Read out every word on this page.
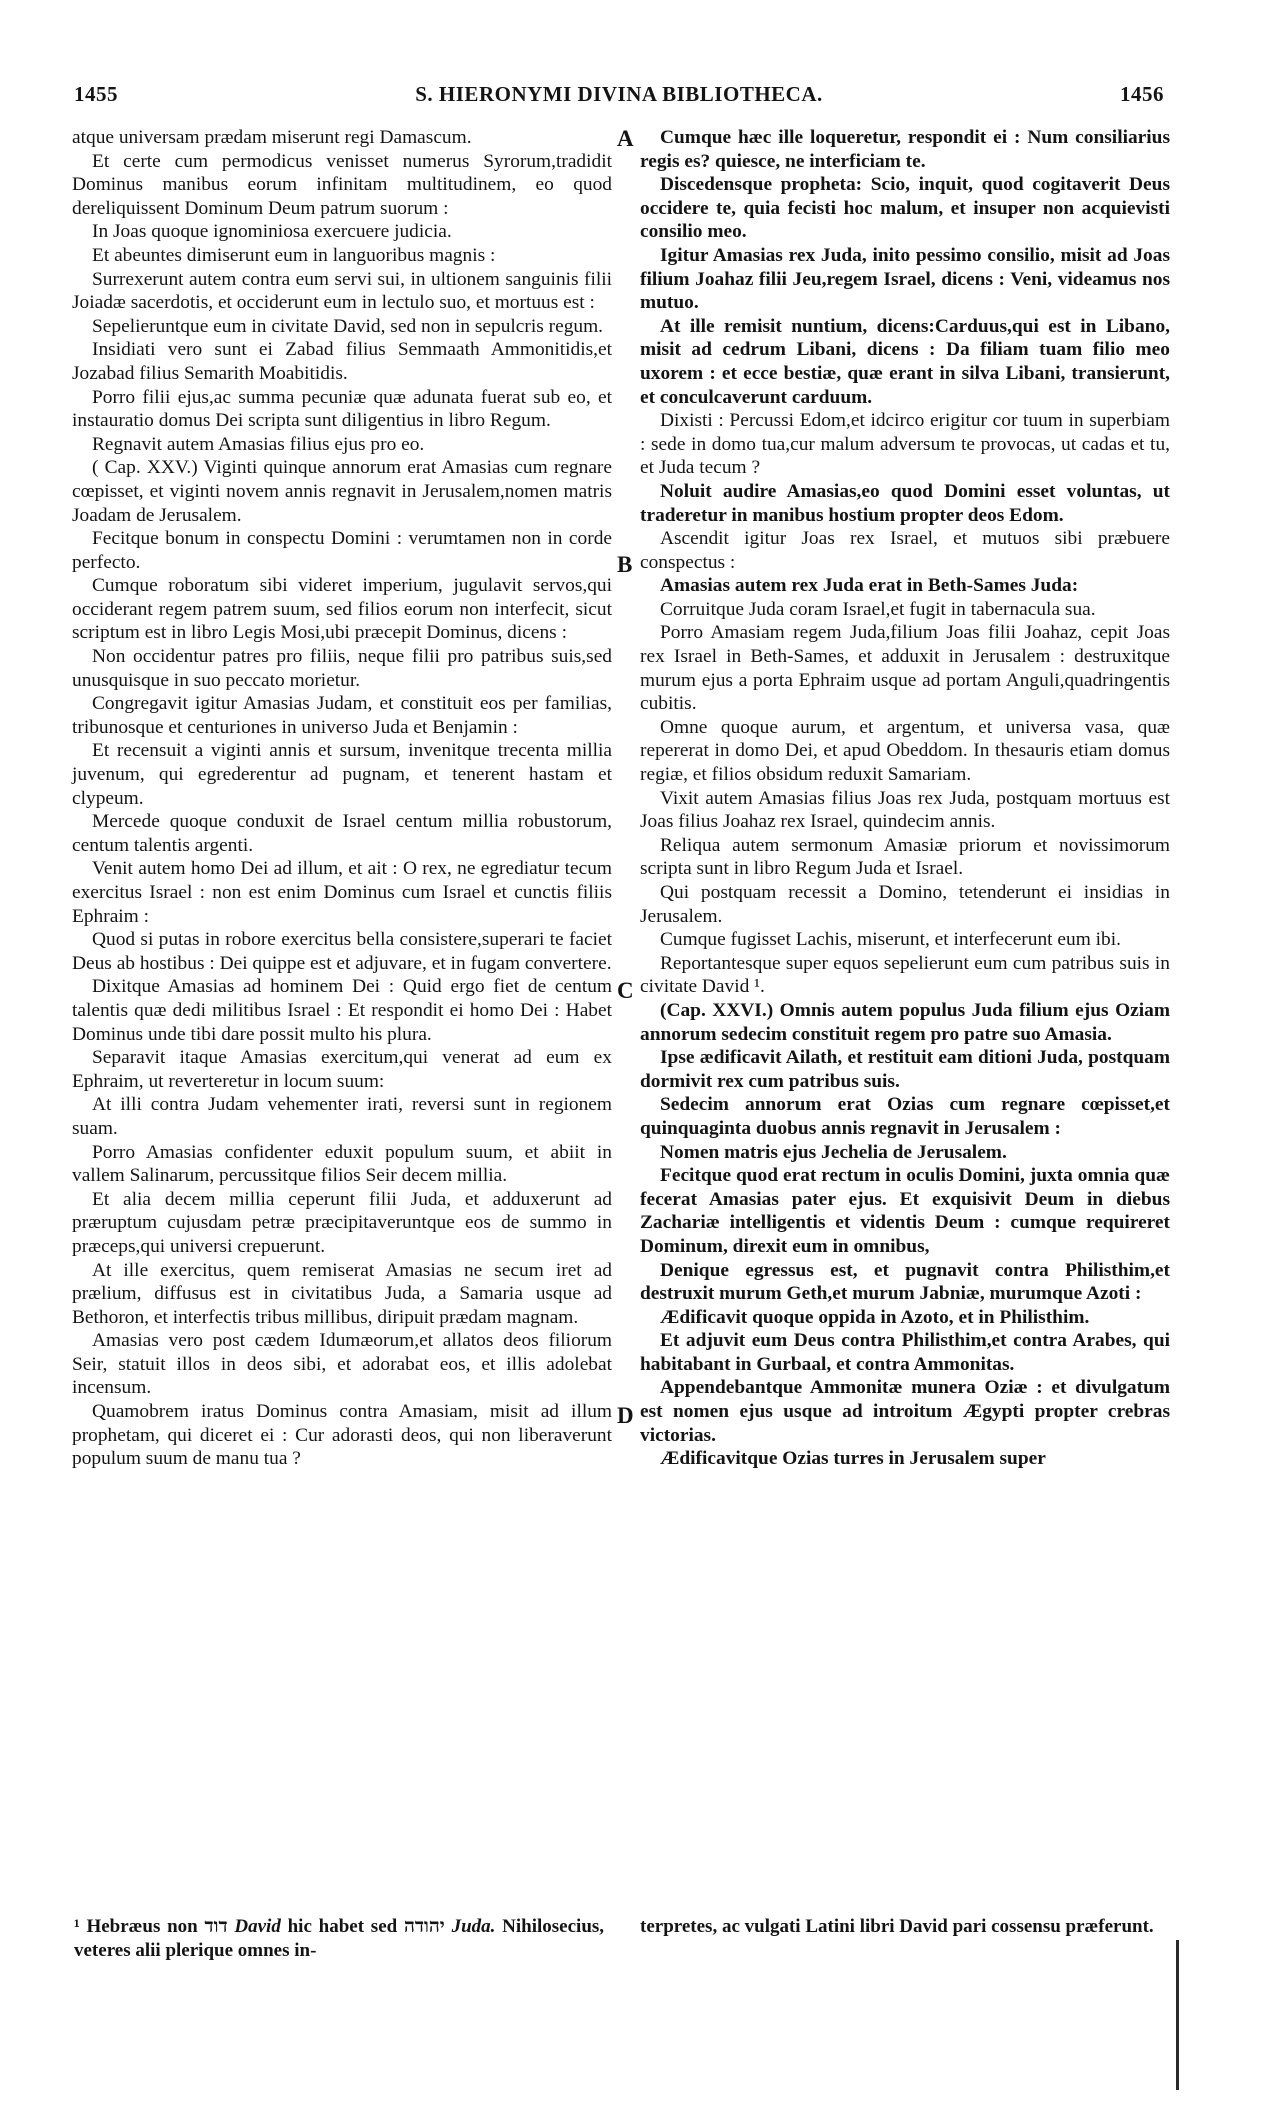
1455	S. HIERONYMI DIVINA BIBLIOTHECA.	1456
A
B
C
D

atque universam prædam miserunt regi Damascum.

Et certe cum permodicus venisset numerus Syrorum,tradidit Dominus manibus eorum infinitam multitudinem, eo quod dereliquissent Dominum Deum patrum suorum :

In Joas quoque ignominiosa exercuere judicia.

Et abeuntes dimiserunt eum in languoribus magnis :

Surrexerunt autem contra eum servi sui, in ultionem sanguinis filii Joiadæ sacerdotis, et occiderunt eum in lectulo suo, et mortuus est :

Sepelieruntque eum in civitate David, sed non in sepulcris regum.

Insidiati vero sunt ei Zabad filius Semmaath Ammonitidis,et Jozabad filius Semarith Moabitidis.

Porro filii ejus,ac summa pecuniæ quæ adunata fuerat sub eo, et instauratio domus Dei scripta sunt diligentius in libro Regum.

Regnavit autem Amasias filius ejus pro eo.

( Cap. XXV.) Viginti quinque annorum erat Amasias cum regnare cœpisset, et viginti novem annis regnavit in Jerusalem,nomen matris Joadam de Jerusalem.

Fecitque bonum in conspectu Domini : verumtamen non in corde perfecto.

Cumque roboratum sibi videret imperium, jugulavit servos,qui occiderant regem patrem suum, sed filios eorum non interfecit, sicut scriptum est in libro Legis Mosi,ubi præcepit Dominus, dicens :

Non occidentur patres pro filiis, neque filii pro patribus suis,sed unusquisque in suo peccato morietur.

Congregavit igitur Amasias Judam, et constituit eos per familias, tribunosque et centuriones in universo Juda et Benjamin :

Et recensuit a viginti annis et sursum, invenitque trecenta millia juvenum, qui egrederentur ad pugnam, et tenerent hastam et clypeum.

Mercede quoque conduxit de Israel centum millia robustorum, centum talentis argenti.

Venit autem homo Dei ad illum, et ait : O rex, ne egrediatur tecum exercitus Israel : non est enim Dominus cum Israel et cunctis filiis Ephraim :

Quod si putas in robore exercitus bella consistere,superari te faciet Deus ab hostibus : Dei quippe est et adjuvare, et in fugam convertere.

Dixitque Amasias ad hominem Dei : Quid ergo fiet de centum talentis quæ dedi militibus Israel : Et respondit ei homo Dei : Habet Dominus unde tibi dare possit multo his plura.

Separavit itaque Amasias exercitum,qui venerat ad eum ex Ephraim, ut reverteretur in locum suum:

At illi contra Judam vehementer irati, reversi sunt in regionem suam.

Porro Amasias confidenter eduxit populum suum, et abiit in vallem Salinarum, percussitque filios Seir decem millia.

Et alia decem millia ceperunt filii Juda, et adduxerunt ad præruptum cujusdam petræ præcipitaveruntque eos de summo in præceps,qui universi crepuerunt.

At ille exercitus, quem remiserat Amasias ne secum iret ad prælium, diffusus est in civitatibus Juda, a Samaria usque ad Bethoron, et interfectis tribus millibus, diripuit prædam magnam.

Amasias vero post cædem Idumæorum,et allatos deos filiorum Seir, statuit illos in deos sibi, et adorabat eos, et illis adolebat incensum.

Quamobrem iratus Dominus contra Amasiam, misit ad illum prophetam, qui diceret ei : Cur adorasti deos, qui non liberaverunt populum suum de manu tua ?

Cumque hæc ille loqueretur, respondit ei : Num consiliarius regis es? quiesce, ne interficiam te.

Discedensque propheta: Scio, inquit, quod cogitaverit Deus occidere te, quia fecisti hoc malum, et insuper non acquievisti consilio meo.

Igitur Amasias rex Juda, inito pessimo consilio, misit ad Joas filium Joahaz filii Jeu,regem Israel, dicens : Veni, videamus nos mutuo.

At ille remisit nuntium, dicens:Carduus,qui est in Libano, misit ad cedrum Libani, dicens : Da filiam tuam filio meo uxorem : et ecce bestiæ, quæ erant in silva Libani, transierunt, et conculcaverunt carduum.

Dixisti : Percussi Edom,et idcirco erigitur cor tuum in superbiam : sede in domo tua,cur malum adversum te provocas, ut cadas et tu, et Juda tecum ?

Noluit audire Amasias,eo quod Domini esset voluntas, ut traderetur in manibus hostium propter deos Edom.

Ascendit igitur Joas rex Israel, et mutuos sibi præbuere conspectus :

Amasias autem rex Juda erat in Beth-Sames Juda:

Corruitque Juda coram Israel,et fugit in tabernacula sua.

Porro Amasiam regem Juda,filium Joas filii Joahaz, cepit Joas rex Israel in Beth-Sames, et adduxit in Jerusalem : destruxitque murum ejus a porta Ephraim usque ad portam Anguli,quadringentis cubitis.

Omne quoque aurum, et argentum, et universa vasa, quæ repererat in domo Dei, et apud Obeddom. In thesauris etiam domus regiæ, et filios obsidum reduxit Samariam.

Vixit autem Amasias filius Joas rex Juda, postquam mortuus est Joas filius Joahaz rex Israel, quindecim annis.

Reliqua autem sermonum Amasiæ priorum et novissimorum scripta sunt in libro Regum Juda et Israel.

Qui postquam recessit a Domino, tetenderunt ei insidias in Jerusalem.

Cumque fugisset Lachis, miserunt, et interfecerunt eum ibi.

Reportantesque super equos sepelierunt eum cum patribus suis in civitate David ¹.

(Cap. XXVI.) Omnis autem populus Juda filium ejus Oziam annorum sedecim constituit regem pro patre suo Amasia.

Ipse ædificavit Ailath, et restituit eam ditioni Juda, postquam dormivit rex cum patribus suis.

Sedecim annorum erat Ozias cum regnare cœpisset,et quinquaginta duobus annis regnavit in Jerusalem :

Nomen matris ejus Jechelia de Jerusalem.

Fecitque quod erat rectum in oculis Domini, juxta omnia quæ fecerat Amasias pater ejus. Et exquisivit Deum in diebus Zachariæ intelligentis et videntis Deum : cumque requireret Dominum, direxit eum in omnibus,

Denique egressus est, et pugnavit contra Philisthim,et destruxit murum Geth,et murum Jabniæ, murumque Azoti :

Ædificavit quoque oppida in Azoto, et in Philisthim.

Et adjuvit eum Deus contra Philisthim,et contra Arabes, qui habitabant in Gurbaal, et contra Ammonitas.

Appendebantque Ammonitæ munera Oziæ : et divulgatum est nomen ejus usque ad introitum Ægypti propter crebras victorias.

Ædificavitque Ozias turres in Jerusalem super

¹ Hebræus non דוד David hic habet sed יהודה Juda. Nihilosecius, veteres alii plerique omnes in-
terpretes, ac vulgati Latini libri David pari cossensu præferunt.
